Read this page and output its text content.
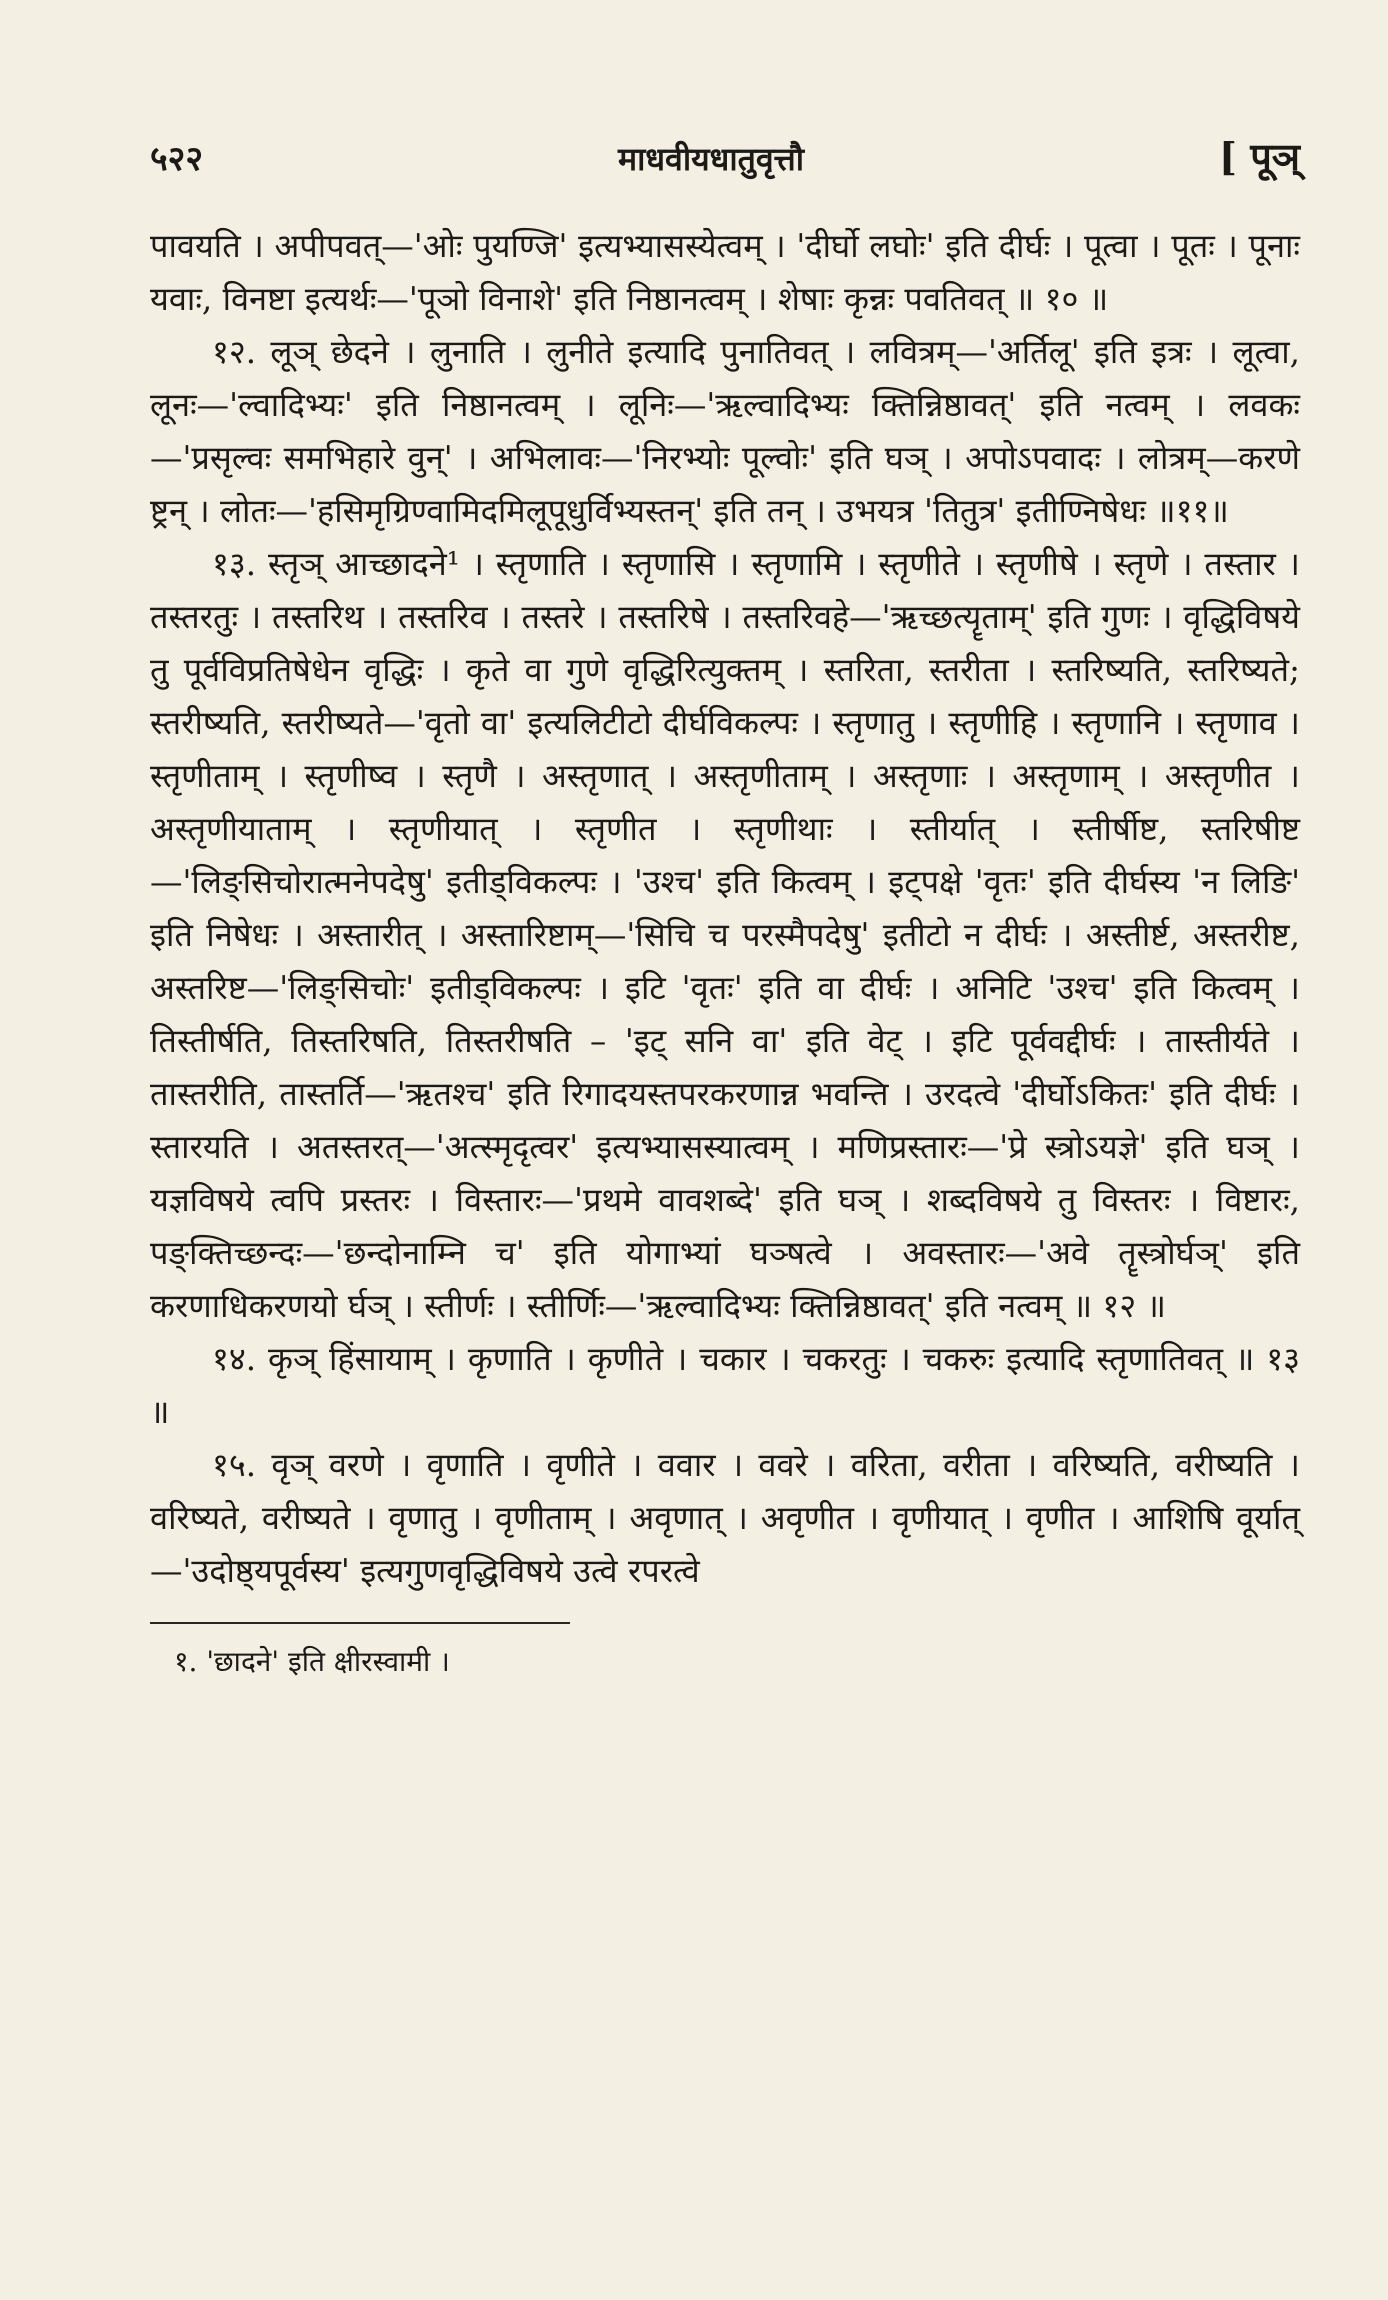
५२२	माधवीयधातुवृत्तौ	[ पूञ्

पावयति । अपीपवत्—'ओः पुयण्जि' इत्यभ्यासस्येत्वम् । 'दीर्घो लघोः' इति दीर्घः । पूत्वा । पूतः । पूनाः यवाः, विनष्टा इत्यर्थः—'पूञो विनाशे' इति निष्ठानत्वम् । शेषाः कृन्नः पवतिवत् ॥ १० ॥

१२. लूञ् छेदने । लुनाति । लुनीते इत्यादि पुनातिवत् । लवित्रम्—'अर्तिलू' इति इत्रः । लूत्वा, लूनः—'ल्वादिभ्यः' इति निष्ठानत्वम् । लूनिः—'ऋल्वादिभ्यः क्तिन्निष्ठावत्' इति नत्वम् । लवकः—'प्रसृल्वः समभिहारे वुन्' । अभिलावः—'निरभ्योः पूल्वोः' इति घञ् । अपोऽपवादः । लोत्रम्—करणे ष्ट्रन् । लोतः—'हसिमृग्रिण्वामिदमिलूपूधुर्विभ्यस्तन्' इति तन् । उभयत्र 'तितुत्र' इतीण्निषेधः ॥११॥

१३. स्तृञ् आच्छादने¹ । स्तृणाति । स्तृणासि । स्तृणामि । स्तृणीते । स्तृणीषे । स्तृणे । तस्तार । तस्तरतुः । तस्तरिथ । तस्तरिव । तस्तरे । तस्तरिषे । तस्तरिवहे—'ऋच्छत्यॄताम्' इति गुणः । वृद्धिविषये तु पूर्वविप्रतिषेधेन वृद्धिः । कृते वा गुणे वृद्धिरित्युक्तम् । स्तरिता, स्तरीता । स्तरिष्यति, स्तरिष्यते; स्तरीष्यति, स्तरीष्यते—'वृतो वा' इत्यलिटीटो दीर्घविकल्पः । स्तृणातु । स्तृणीहि । स्तृणानि । स्तृणाव । स्तृणीताम् । स्तृणीष्व । स्तृणै । अस्तृणात् । अस्तृणीताम् । अस्तृणाः । अस्तृणाम् । अस्तृणीत । अस्तृणीयाताम् । स्तृणीयात् । स्तृणीत । स्तृणीथाः । स्तीर्यात् । स्तीर्षीष्ट, स्तरिषीष्ट—'लिङ्सिचोरात्मनेपदेषु' इतीड्विकल्पः । 'उश्च' इति कित्वम् । इट्पक्षे 'वृतः' इति दीर्घस्य 'न लिङि' इति निषेधः । अस्तारीत् । अस्तारिष्टाम्—'सिचि च परस्मैपदेषु' इतीटो न दीर्घः । अस्तीर्ष्ट, अस्तरीष्ट, अस्तरिष्ट—'लिङ्सिचोः' इतीड्विकल्पः । इटि 'वृतः' इति वा दीर्घः । अनिटि 'उश्च' इति कित्वम् । तिस्तीर्षति, तिस्तरिषति, तिस्तरीषति – 'इट् सनि वा' इति वेट् । इटि पूर्ववद्दीर्घः । तास्तीर्यते । तास्तरीति, तास्तर्ति—'ऋतश्च' इति रिगादयस्तपरकरणान्न भवन्ति । उरदत्वे 'दीर्घोऽकितः' इति दीर्घः । स्तारयति । अतस्तरत्—'अत्स्मृदृत्वर' इत्यभ्यासस्यात्वम् । मणिप्रस्तारः—'प्रे स्त्रोऽयज्ञे' इति घञ् । यज्ञविषये त्वपि प्रस्तरः । विस्तारः—'प्रथमे वावशब्दे' इति घञ् । शब्दविषये तु विस्तरः । विष्टारः, पङ्क्तिच्छन्दः—'छन्दोनाम्नि च' इति योगाभ्यां घञ्षत्वे । अवस्तारः—'अवे तॄस्त्रोर्घञ्' इति करणाधिकरणयो र्घञ् । स्तीर्णः । स्तीर्णिः—'ऋल्वादिभ्यः क्तिन्निष्ठावत्' इति नत्वम् ॥ १२ ॥

१४. कृञ् हिंसायाम् । कृणाति । कृणीते । चकार । चकरतुः । चकरुः इत्यादि स्तृणातिवत् ॥ १३ ॥

१५. वृञ् वरणे । वृणाति । वृणीते । ववार । ववरे । वरिता, वरीता । वरिष्यति, वरीष्यति । वरिष्यते, वरीष्यते । वृणातु । वृणीताम् । अवृणात् । अवृणीत । वृणीयात् । वृणीत । आशिषि वूर्यात्—'उदोष्ठ्यपूर्वस्य' इत्यगुणवृद्धिविषये उत्वे रपरत्वे

१. 'छादने' इति क्षीरस्वामी ।
